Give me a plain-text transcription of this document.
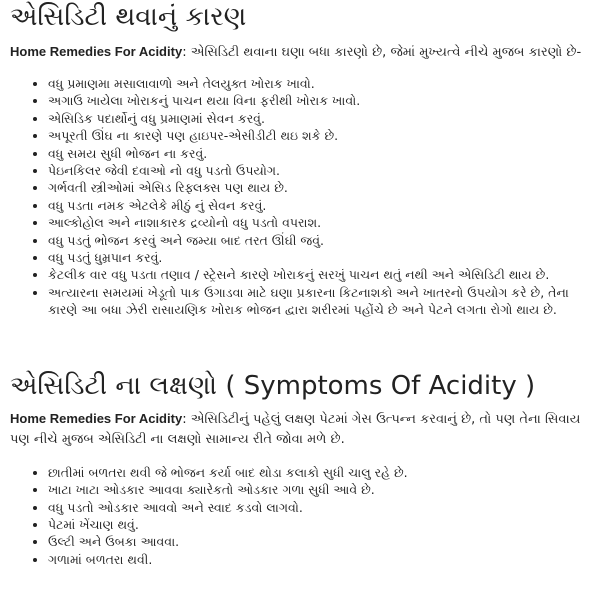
એસિડિટી થવાનું કારણ

Home Remedies For Acidity: એસિડિટી થવાના ઘણા બધા કારણો છે, જેમાં મુખ્યત્વે નીચે મુજબ કારણો છે-

• વધુ પ્રમાણમા મસાલાવાળો અને તેલયુક્ત ખોરાક ખાવો.
• અગાઉ ખાયેલા ખોરાકનું પાચન થયા વિના ફરીથી ખોરાક ખાવો.
• એસિડિક પદાર્થોનું વધુ પ્રમાણમાં સેવન કરવું.
• અપૂરતી ઊંઘ ના કારણે પણ હાઇપર-એસીડીટી થઇ શકે છે.
• વધુ સમય સુધી ભોજન ના કરવું.
• પેઇનકિલર જેવી દવાઓ નો વધુ પડતો ઉપયોગ.
• ગર્ભવતી સ્ત્રીઓમાં એસિડ રિફ્લક્સ પણ થાય છે.
• વધુ પડતા નમક એટલેકે મીઠું નું સેવન કરવું.
• આલ્કોહોલ અને નાશાકારક દ્રવ્યોનો વધુ પડતો વપરાશ.
• વધુ પડતું ભોજન કરવું અને જમ્યા બાદ તરત ઊંઘી જવું.
• વધુ પડતું ધુમ્રપાન કરવું.
• કેટલીક વાર વધુ પડતા તણાવ / સ્ટ્રેસને કારણે ખોરાકનું સરખું પાચન થતું નથી અને એસિડિટી થાય છે.
• અત્યારના સમયમાં ખેડૂતો પાક ઉગાડવા માટે ઘણા પ્રકારના કિટનાશકો અને ખાતરનો ઉપયોગ કરે છે, તેના કારણે આ બધા ઝેરી રાસાયણિક ખોરાક ભોજન દ્વારા શરીરમાં પહોંચે છે અને પેટને લગતા રોગો થાય છે.
એસિડિટી ના લક્ષણો ( Symptoms Of Acidity )

Home Remedies For Acidity: એસિડિટીનું પહેલું લક્ષણ પેટમાં ગેસ ઉત્પન્ન કરવાનું છે, તો પણ તેના સિવાય પણ નીચે મુજબ એસિડિટી ના લક્ષણો સામાન્ય રીતે જોવા મળે છે.

• છાતીમાં બળતરા થવી જે ભોજન કર્યા બાદ થોડા કલાકો સુધી ચાલુ રહે છે.
• ખાટા ખાટા ઓડકાર આવવા ક્યારેકતો ઓડકાર ગળા સુધી આવે છે.
• વધુ પડતો ઓડકાર આવવો અને સ્વાદ કડવો લાગવો.
• પેટમાં ખેંચાણ થવું.
• ઉલ્ટી અને ઉબકા આવવા.
• ગળામાં બળતરા થવી.
